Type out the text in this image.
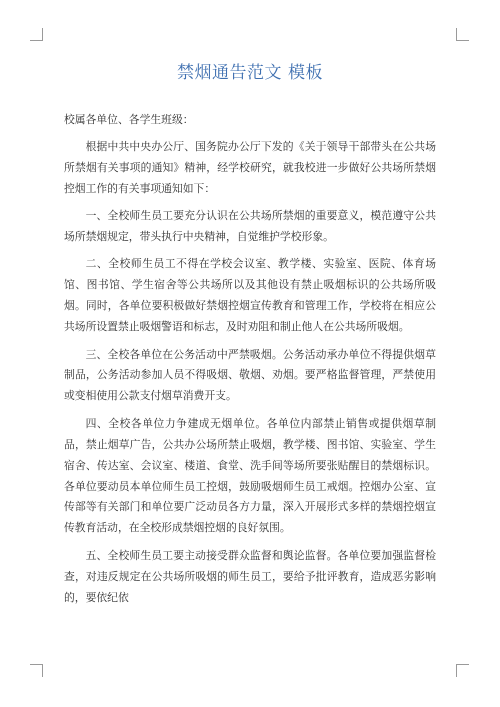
禁烟通告范文 模板

校属各单位、各学生班级：

根据中共中央办公厅、国务院办公厅下发的《关于领导干部带头在公共场所禁烟有关事项的通知》精神，经学校研究，就我校进一步做好公共场所禁烟控烟工作的有关事项通知如下：

一、全校师生员工要充分认识在公共场所禁烟的重要意义，模范遵守公共场所禁烟规定，带头执行中央精神，自觉维护学校形象。

二、全校师生员工不得在学校会议室、教学楼、实验室、医院、体育场馆、图书馆、学生宿舍等公共场所以及其他设有禁止吸烟标识的公共场所吸烟。同时，各单位要积极做好禁烟控烟宣传教育和管理工作，学校将在相应公共场所设置禁止吸烟警语和标志，及时劝阻和制止他人在公共场所吸烟。

三、全校各单位在公务活动中严禁吸烟。公务活动承办单位不得提供烟草制品，公务活动参加人员不得吸烟、敬烟、劝烟。要严格监督管理，严禁使用或变相使用公款支付烟草消费开支。

四、全校各单位力争建成无烟单位。各单位内部禁止销售或提供烟草制品，禁止烟草广告，公共办公场所禁止吸烟，教学楼、图书馆、实验室、学生宿舍、传达室、会议室、楼道、食堂、洗手间等场所要张贴醒目的禁烟标识。各单位要动员本单位师生员工控烟，鼓励吸烟师生员工戒烟。控烟办公室、宣传部等有关部门和单位要广泛动员各方力量，深入开展形式多样的禁烟控烟宣传教育活动，在全校形成禁烟控烟的良好氛围。

五、全校师生员工要主动接受群众监督和舆论监督。各单位要加强监督检查，对违反规定在公共场所吸烟的师生员工，要给予批评教育，造成恶劣影响的，要依纪依
